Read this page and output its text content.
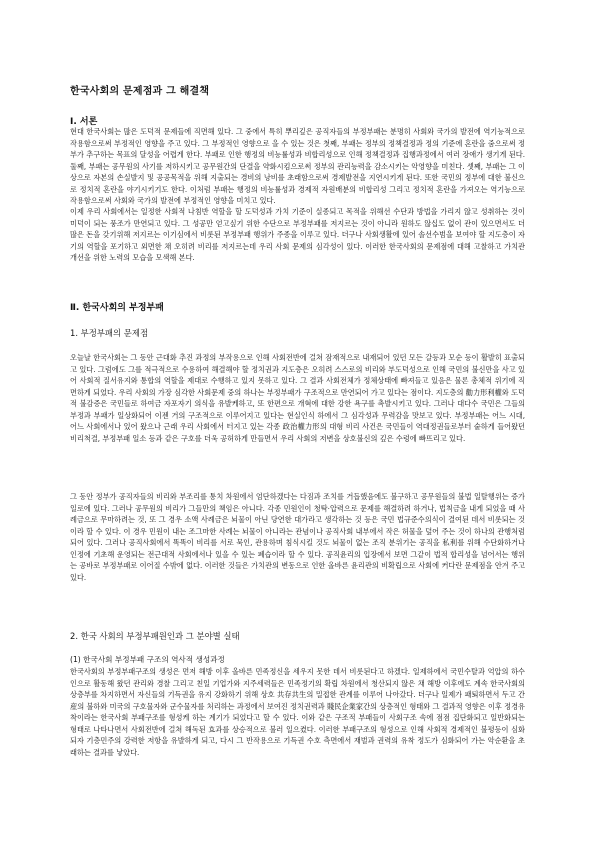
한국사회의 문제점과 그 해결책
Ⅰ. 서론

현대 한국사회는 많은 도덕적 문제들에 직면해 있다. 그 중에서 특히 뿌리깊은 공직자들의 부정부패는 분명히 사회와 국가의 발전에 역기능적으로 작용함으로써 부정적인 영향을 주고 있다. 그 부정적인 영향으로 을 수 있는 것은 첫째, 부패는 정부의 정책결정과 정의 기준에 혼란을 줌으로써 정부가 추구하는 목표의 달성을 어렵게 한다. 부패로 인한 행정의 비능률성과 비합리성으로 인해 정책결정과 집행과정에서 여러 장애가 생기게 된다. 둘째, 부패는 공무원의 사기를 저하시키고 공무원간의 단결을 약화시킴으로써 정부의 관리능력을 감소시키는 악영향을 미친다. 셋째, 부패는 그 이상으로 자본의 손실발지 및 공공목적을 위해 지출되는 경비의 낭비를 초래함으로써 경제발전을 지연시키게 된다. 또한 국민의 정부에 대한 불신으로 정치적 혼란을 야기시키기도 한다. 이처럼 부패는 행정의 비능률성과 경제적 자원배분의 비합리성 그리고 정치적 혼란을 가져오는 역기능으로 작용함으로써 사회와 국가의 발전에 부정적인 영향을 미치고 있다.

이제 우리 사회에서는 일정한 사회적 나침반 역할을 할 도덕성과 가치 기준이 실종되고 목적을 위해선 수단과 방법을 가리지 않고 성취하는 것이 미덕이 되는 풍조가 만연되고 있다. 그 성공만 얻고싶기 위한 수단으로 부정부패를 저지르는 것이 아니라 원하도 않십도 없이 관이 있으면서도 더 많은 돈을 갖기위해 저지르는 이기심에서 비롯된 부정부패 행위가 주종을 이루고 있다. 더구나 사회생활에 있어 솔선수범을 보여야 할 지도층이 자기의 역할을 포기하고 외면한 채 오히려 비리를 저지르는데 우리 사회 문제의 심각성이 있다. 이러한 한국사회의 문제점에 대해 고찰하고 가치관 개선을 위한 노력의 모습을 모색해 본다.

Ⅱ. 한국사회의 부정부패
1. 부정부패의 문제점

오늘날 한국사회는 그 동안 근대화 추진 과정의 부작용으로 인해 사회전반에 걸쳐 잠재적으로 내재되어 있던 모든 갈등과 모순 등이 활발히 표출되고 있다. 그럼에도 그를 적극적으로 수용하여 해결해야 할 정치권과 지도층은 오히려 스스로의 비리와 부도덕성으로 인해 국민의 불신만을 사고 있어 사회적 질서유지와 통합의 역할을 제대로 수행하고 있지 못하고 있다. 그 결과 사회전체가 정체상태에 빠져들고 있음은 물론 총체적 위기에 직면하게 되었다. 우리 사회의 가장 심각한 사회문제 중의 하나는 부정부패가 구조적으로 만연되어 가고 있다는 점이다. 지도층의 勸力形利權와 도덕적 불감증은 국민들로 하여금 자포자기 의식을 유발케하고, 또 한편으로 개혁에 대한 강한 욕구를 촉발시키고 있다. 그러나 대다수 국민은 그들의 부정과 부패가 일상화되어 이젠 거의 구조적으로 이루어지고 있다는 현실인식 하에서 그 심각성과 무력감을 맛보고 있다. 부정부패는 어느 시대, 어느 사회에서나 있어 왔으나 근래 우리 사회에서 터지고 있는 각종 政治權力形의 대형 비리 사건은 국민들이 역대정권들로부터 숱하게 들어왔던 비리척결, 부정부패 일소 등과 같은 구호를 더욱 공허하게 만들면서 우리 사회의 저변을 상호불신의 깊은 수렁에 빠뜨리고 있다.

그 동안 정부가 공직자들의 비리와 부조리를 통치 차원에서 엄단하겠다는 다짐과 조치를 거듭했음에도 불구하고 공무원들의 불법 일탈행위는 증가 일로에 있다. 그러나 공무원의 비리가 그들만의 책임은 아니다. 각종 민원인이 청탁·압력으로 문제를 해결하려 하거나, 법칙금을 내게 되었을 때 사례금으로 무마하려는 것, 또 그 경우 소액 사례금은 뇌물이 아닌 당연한 대가라고 생각하는 것 등은 국민 법규준수의식이 결여된 데서 비롯되는 것이라 할 수 있다. 이 경우 민원이 내는 조그마한 사례는 뇌물이 아니라는 관념이나 공직사회 내부에서 작은 허물을 덮어 주는 것이 하나의 관행처럼 되어 있다. 그러나 공직사회에서 똑똑이 비리를 서로 묵인, 관용하며 침식시킬 것도 뇌물이 없는 조직 분위기는 공직을 私利를 위해 수단화하거나 인정에 기초해 운영되는 전근대적 사회에서나 있을 수 있는 폐습이라 할 수 있다. 공직윤리의 입장에서 보면 그같이 법적 합리성을 넘어서는 행위는 공바로 부정부패로 이어질 수밖에 없다. 이러한 것들은 가치관의 변동으로 인한 올바른 윤리관의 비확립으로 사회에 커다란 문제점을 안겨 주고 있다.

2. 한국 사회의 부정부패원인과 그 분야별 실태
(1) 한국사회 부정부패 구조의 역사적 생성과정

한국사회의 부정부패구조의 생성은 먼저 해방 이후 올바른 민족정신을 세우지 못한 데서 비롯된다고 하겠다. 일제하에서 국민수탈과 억압의 하수인으로 활동해 왔던 관리와 경찰 그리고 친일 기업가와 지주세력들은 민족정기의 확립 차원에서 청산되지 않은 채 해방 이후에도 계속 한국사회의 상층부를 차지하면서 자신들의 기득권을 유지 강화하기 위해 상호 共存共生의 밀접한 관계를 이루어 나아갔다. 더구나 일제가 패퇴하면서 두고 간 産의 불하와 미국의 구호물자와 군수물자를 처리하는 과정에서 보여진 정치권력과 賤民企業家간의 상층적인 형태와 그 결과적 영향은 이후 정경유착이라는 한국사회 부패구조를 형성케 하는 계기가 되었다고 할 수 있다. 이와 같은 구조적 부패들이 사회구조 속에 점점 집단화되고 일반화되는 형태로 나타나면서 사회전반에 걸쳐 해독된 효과를 상승적으로 불러 일으켰다. 이러한 부패구조의 형성으로 인해 사회적 경제적인 불평등이 심화되자 기층민주의 강력한 저항을 유발하게 되고, 다시 그 반작용으로 기득권 수호 측면에서 재벌과 권력의 유착 정도가 심화되어 가는 악순환을 초래하는 결과를 낳았다.
